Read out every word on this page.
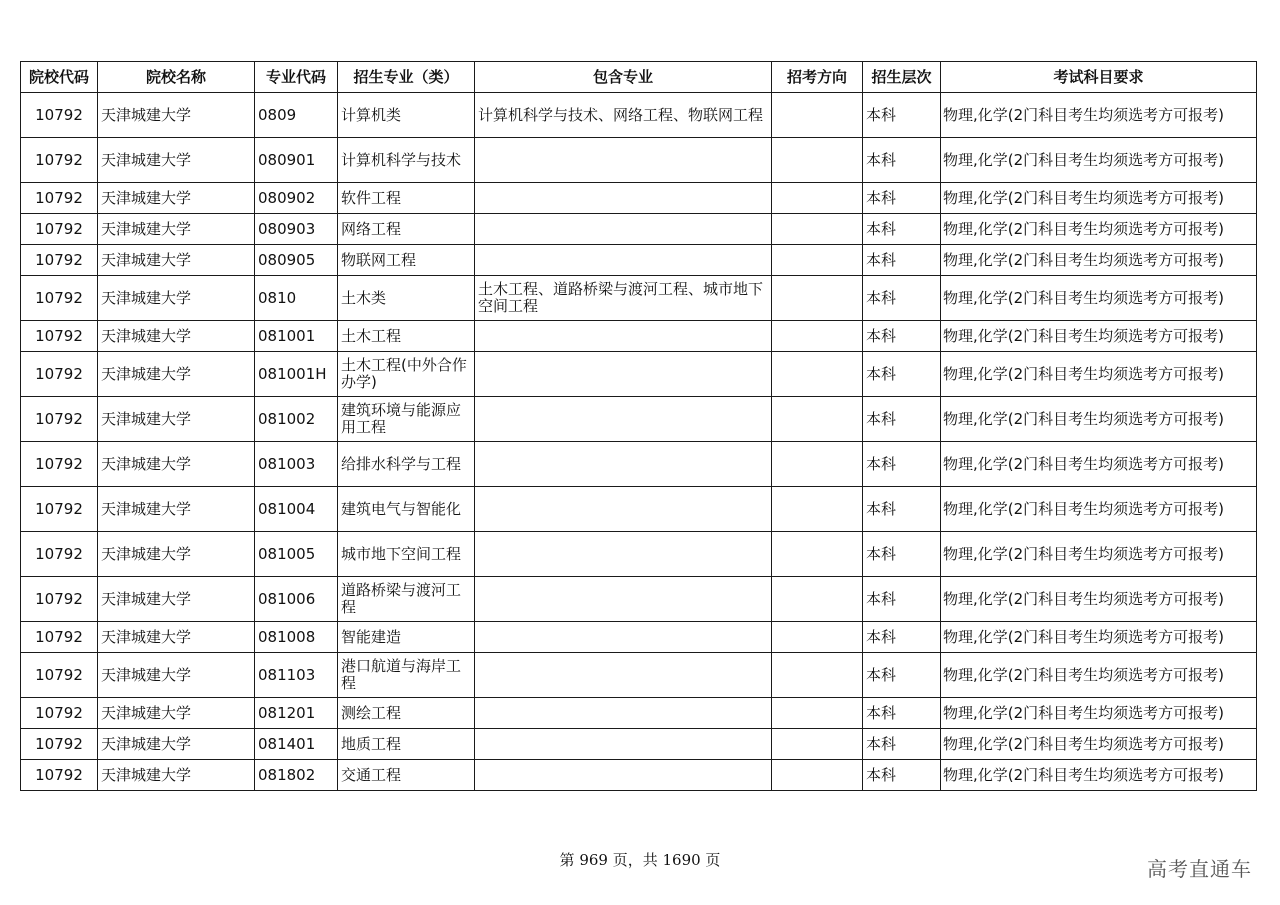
院校代码	院校名称	专业代码	招生专业（类）	包含专业	招考方向	招生层次	考试科目要求
10792	天津城建大学	0809	计算机类	计算机科学与技术、网络工程、物联网工程		本科	物理,化学(2门科目考生均须选考方可报考)
10792	天津城建大学	080901	计算机科学与技术			本科	物理,化学(2门科目考生均须选考方可报考)
10792	天津城建大学	080902	软件工程			本科	物理,化学(2门科目考生均须选考方可报考)
10792	天津城建大学	080903	网络工程			本科	物理,化学(2门科目考生均须选考方可报考)
10792	天津城建大学	080905	物联网工程			本科	物理,化学(2门科目考生均须选考方可报考)
10792	天津城建大学	0810	土木类	土木工程、道路桥梁与渡河工程、城市地下空间工程		本科	物理,化学(2门科目考生均须选考方可报考)
10792	天津城建大学	081001	土木工程			本科	物理,化学(2门科目考生均须选考方可报考)
10792	天津城建大学	081001H	土木工程(中外合作办学)			本科	物理,化学(2门科目考生均须选考方可报考)
10792	天津城建大学	081002	建筑环境与能源应用工程			本科	物理,化学(2门科目考生均须选考方可报考)
10792	天津城建大学	081003	给排水科学与工程			本科	物理,化学(2门科目考生均须选考方可报考)
10792	天津城建大学	081004	建筑电气与智能化			本科	物理,化学(2门科目考生均须选考方可报考)
10792	天津城建大学	081005	城市地下空间工程			本科	物理,化学(2门科目考生均须选考方可报考)
10792	天津城建大学	081006	道路桥梁与渡河工程			本科	物理,化学(2门科目考生均须选考方可报考)
10792	天津城建大学	081008	智能建造			本科	物理,化学(2门科目考生均须选考方可报考)
10792	天津城建大学	081103	港口航道与海岸工程			本科	物理,化学(2门科目考生均须选考方可报考)
10792	天津城建大学	081201	测绘工程			本科	物理,化学(2门科目考生均须选考方可报考)
10792	天津城建大学	081401	地质工程			本科	物理,化学(2门科目考生均须选考方可报考)
10792	天津城建大学	081802	交通工程			本科	物理,化学(2门科目考生均须选考方可报考)
第 969 页，共 1690 页	高考直通车
